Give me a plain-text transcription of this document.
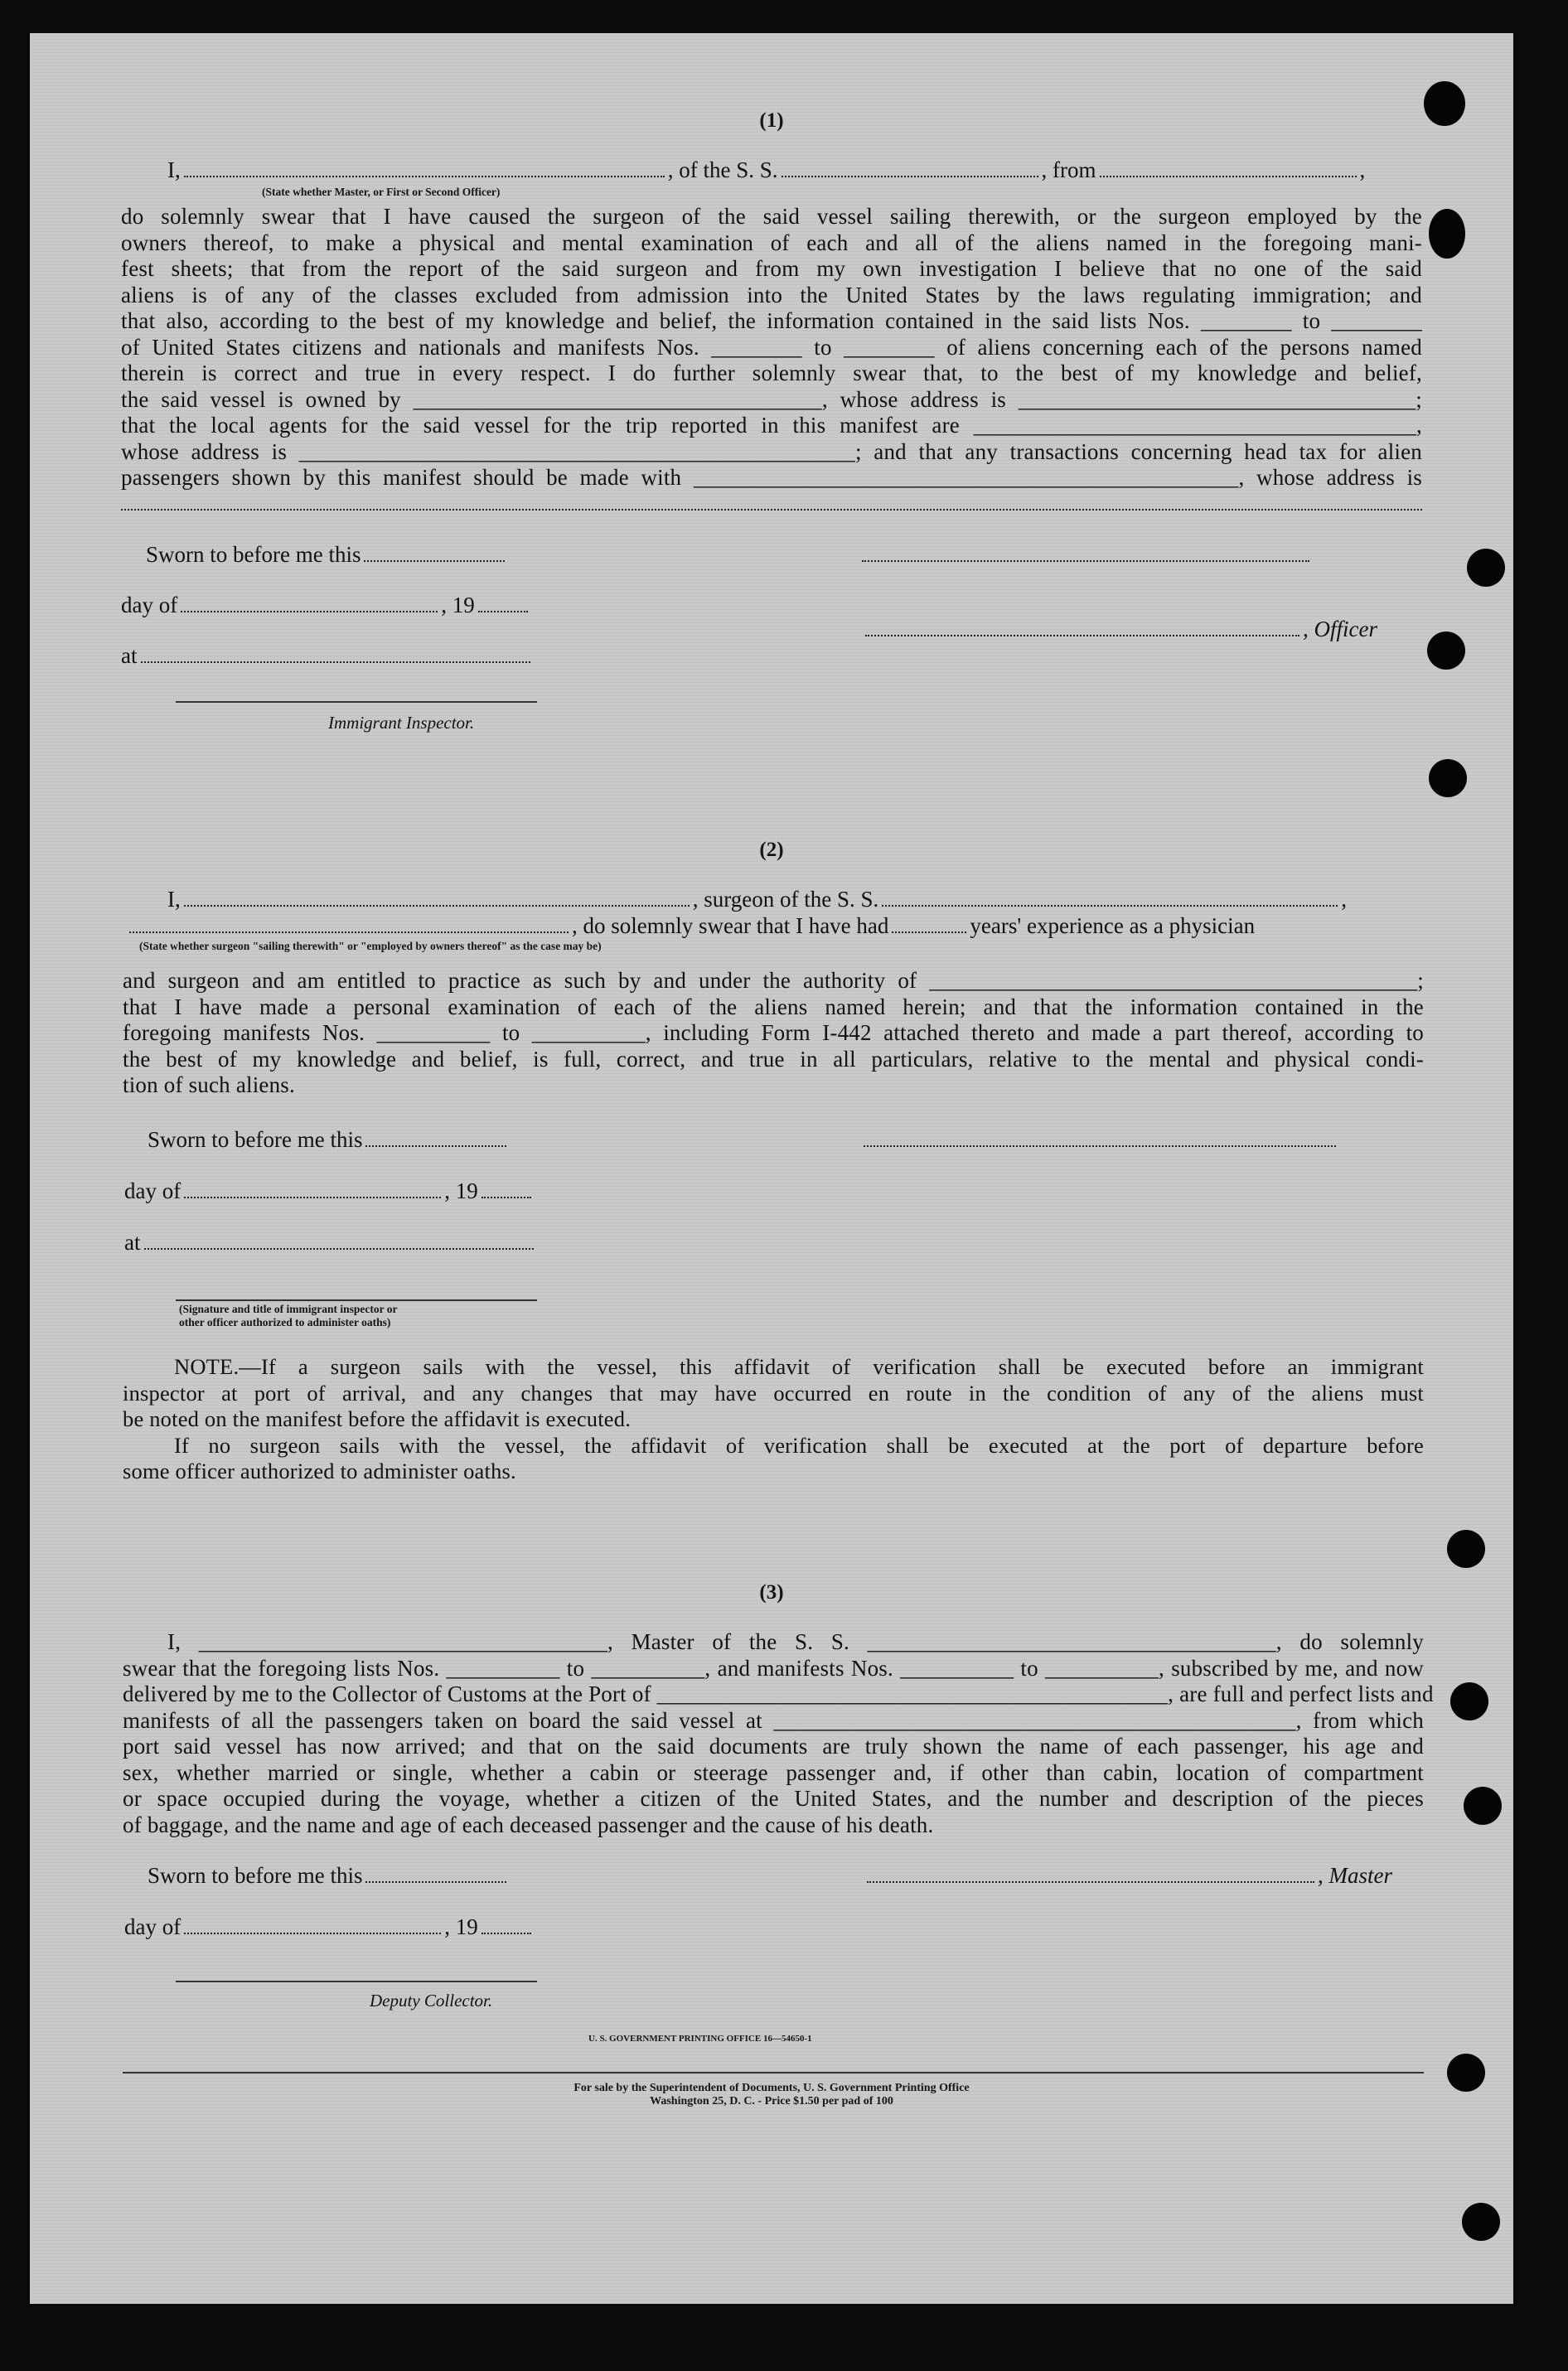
(1)
I,	, of the S. S.	, from	,
(State whether Master, or First or Second Officer)
do solemnly swear that I have caused the surgeon of the said vessel sailing therewith, or the surgeon employed by the
owners thereof, to make a physical and mental examination of each and all of the aliens named in the foregoing mani-
fest sheets; that from the report of the said surgeon and from my own investigation I believe that no one of the said
aliens is of any of the classes excluded from admission into the United States by the laws regulating immigration; and
that also, according to the best of my knowledge and belief, the information contained in the said lists Nos. ________ to ________
of United States citizens and nationals and manifests Nos. ________ to ________ of aliens concerning each of the persons named
therein is correct and true in every respect. I do further solemnly swear that, to the best of my knowledge and belief,
the said vessel is owned by ____________________________________, whose address is ___________________________________;
that the local agents for the said vessel for the trip reported in this manifest are _______________________________________,
whose address is _________________________________________________; and that any transactions concerning head tax for alien
passengers shown by this manifest should be made with ________________________________________________, whose address is
Sworn to before me this
day of	, 19
, Officer
at
Immigrant Inspector.
(2)
I,	, surgeon of the S. S.	,
, do solemnly swear that I have had	years' experience as a physician
(State whether surgeon "sailing therewith" or "employed by owners thereof" as the case may be)
and surgeon and am entitled to practice as such by and under the authority of ___________________________________________;
that I have made a personal examination of each of the aliens named herein; and that the information contained in the
foregoing manifests Nos. __________ to __________, including Form I-442 attached thereto and made a part thereof, according to
the best of my knowledge and belief, is full, correct, and true in all particulars, relative to the mental and physical condi-
tion of such aliens.
Sworn to before me this
day of	, 19
at
(Signature and title of immigrant inspector or
other officer authorized to administer oaths)
NOTE.—If a surgeon sails with the vessel, this affidavit of verification shall be executed before an immigrant
inspector at port of arrival, and any changes that may have occurred en route in the condition of any of the aliens must
be noted on the manifest before the affidavit is executed.
If no surgeon sails with the vessel, the affidavit of verification shall be executed at the port of departure before
some officer authorized to administer oaths.
(3)
I, ____________________________________, Master of the S. S. ____________________________________, do solemnly
swear that the foregoing lists Nos. __________ to __________, and manifests Nos. __________ to __________, subscribed by me, and now
delivered by me to the Collector of Customs at the Port of _____________________________________________, are full and perfect lists and
manifests of all the passengers taken on board the said vessel at ______________________________________________, from which
port said vessel has now arrived; and that on the said documents are truly shown the name of each passenger, his age and
sex, whether married or single, whether a cabin or steerage passenger and, if other than cabin, location of compartment
or space occupied during the voyage, whether a citizen of the United States, and the number and description of the pieces
of baggage, and the name and age of each deceased passenger and the cause of his death.
Sworn to before me this	, Master
day of	, 19
Deputy Collector.
U. S. GOVERNMENT PRINTING OFFICE 16—54650-1
For sale by the Superintendent of Documents, U. S. Government Printing Office
Washington 25, D. C. - Price $1.50 per pad of 100
